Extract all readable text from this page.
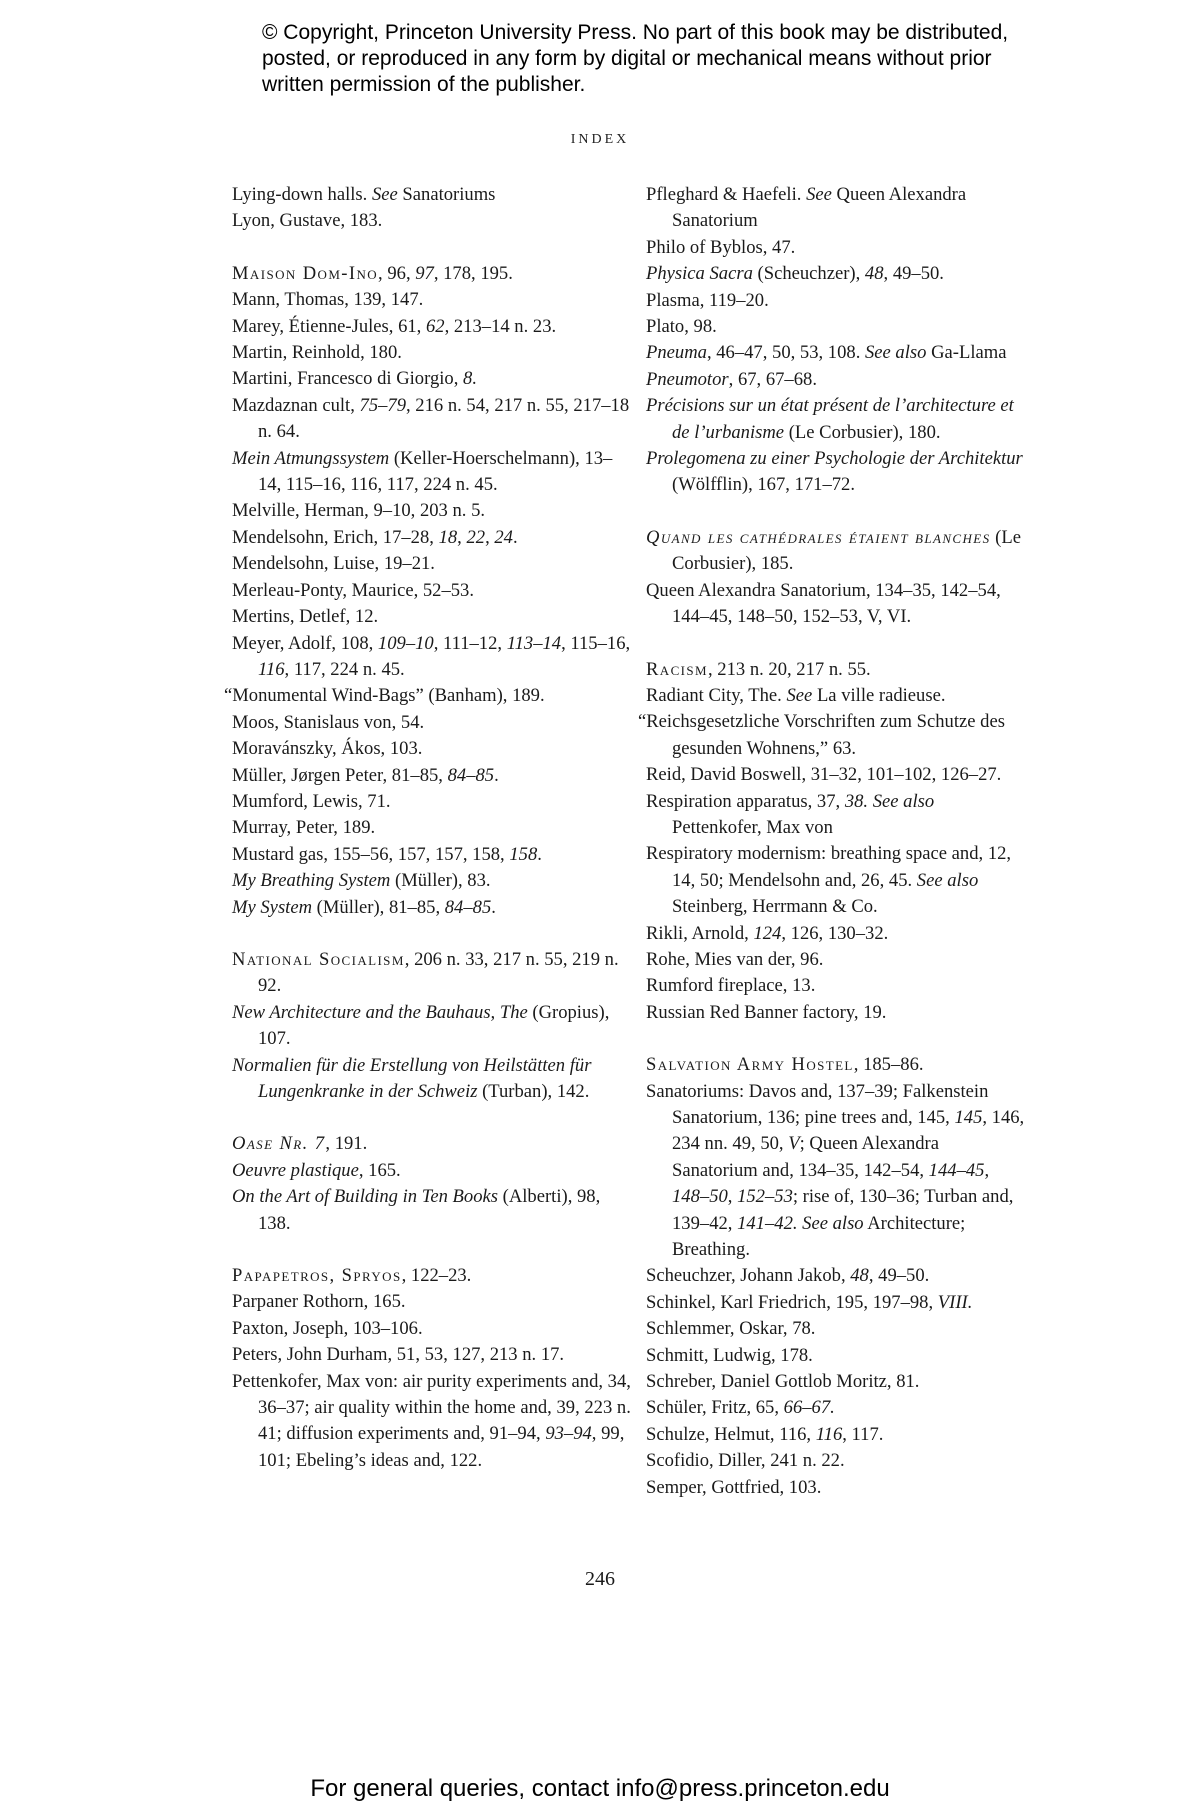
© Copyright, Princeton University Press. No part of this book may be distributed, posted, or reproduced in any form by digital or mechanical means without prior written permission of the publisher.
INDEX
Lying-down halls. See Sanatoriums
Lyon, Gustave, 183.
Maison Dom-Ino, 96, 97, 178, 195.
Mann, Thomas, 139, 147.
Marey, Étienne-Jules, 61, 62, 213–14 n. 23.
Martin, Reinhold, 180.
Martini, Francesco di Giorgio, 8.
Mazdaznan cult, 75–79, 216 n. 54, 217 n. 55, 217–18 n. 64.
Mein Atmungssystem (Keller-Hoerschelmann), 13–14, 115–16, 116, 117, 224 n. 45.
Melville, Herman, 9–10, 203 n. 5.
Mendelsohn, Erich, 17–28, 18, 22, 24.
Mendelsohn, Luise, 19–21.
Merleau-Ponty, Maurice, 52–53.
Mertins, Detlef, 12.
Meyer, Adolf, 108, 109–10, 111–12, 113–14, 115–16, 116, 117, 224 n. 45.
“Monumental Wind-Bags” (Banham), 189.
Moos, Stanislaus von, 54.
Moravánszky, Ákos, 103.
Müller, Jørgen Peter, 81–85, 84–85.
Mumford, Lewis, 71.
Murray, Peter, 189.
Mustard gas, 155–56, 157, 157, 158, 158.
My Breathing System (Müller), 83.
My System (Müller), 81–85, 84–85.
National Socialism, 206 n. 33, 217 n. 55, 219 n. 92.
New Architecture and the Bauhaus, The (Gropius), 107.
Normalien für die Erstellung von Heilstätten für Lungenkranke in der Schweiz (Turban), 142.
Oase Nr. 7, 191.
Oeuvre plastique, 165.
On the Art of Building in Ten Books (Alberti), 98, 138.
Papapetros, Spryos, 122–23.
Parpaner Rothorn, 165.
Paxton, Joseph, 103–106.
Peters, John Durham, 51, 53, 127, 213 n. 17.
Pettenkofer, Max von: air purity experiments and, 34, 36–37; air quality within the home and, 39, 223 n. 41; diffusion experiments and, 91–94, 93–94, 99, 101; Ebeling’s ideas and, 122.
Pfleghard & Haefeli. See Queen Alexandra Sanatorium
Philo of Byblos, 47.
Physica Sacra (Scheuchzer), 48, 49–50.
Plasma, 119–20.
Plato, 98.
Pneuma, 46–47, 50, 53, 108. See also Ga-Llama
Pneumotor, 67, 67–68.
Précisions sur un état présent de l’architecture et de l’urbanisme (Le Corbusier), 180.
Prolegomena zu einer Psychologie der Architektur (Wölfflin), 167, 171–72.
Quand les cathédrales étaient blanches (Le Corbusier), 185.
Queen Alexandra Sanatorium, 134–35, 142–54, 144–45, 148–50, 152–53, V, VI.
Racism, 213 n. 20, 217 n. 55.
Radiant City, The. See La ville radieuse.
“Reichsgesetzliche Vorschriften zum Schutze des gesunden Wohnens,” 63.
Reid, David Boswell, 31–32, 101–102, 126–27.
Respiration apparatus, 37, 38. See also Pettenkofer, Max von
Respiratory modernism: breathing space and, 12, 14, 50; Mendelsohn and, 26, 45. See also Steinberg, Herrmann & Co.
Rikli, Arnold, 124, 126, 130–32.
Rohe, Mies van der, 96.
Rumford fireplace, 13.
Russian Red Banner factory, 19.
Salvation Army Hostel, 185–86.
Sanatoriums: Davos and, 137–39; Falkenstein Sanatorium, 136; pine trees and, 145, 145, 146, 234 nn. 49, 50, V; Queen Alexandra Sanatorium and, 134–35, 142–54, 144–45, 148–50, 152–53; rise of, 130–36; Turban and, 139–42, 141–42. See also Architecture; Breathing.
Scheuchzer, Johann Jakob, 48, 49–50.
Schinkel, Karl Friedrich, 195, 197–98, VIII.
Schlemmer, Oskar, 78.
Schmitt, Ludwig, 178.
Schreber, Daniel Gottlob Moritz, 81.
Schüler, Fritz, 65, 66–67.
Schulze, Helmut, 116, 116, 117.
Scofidio, Diller, 241 n. 22.
Semper, Gottfried, 103.
246
For general queries, contact info@press.princeton.edu
